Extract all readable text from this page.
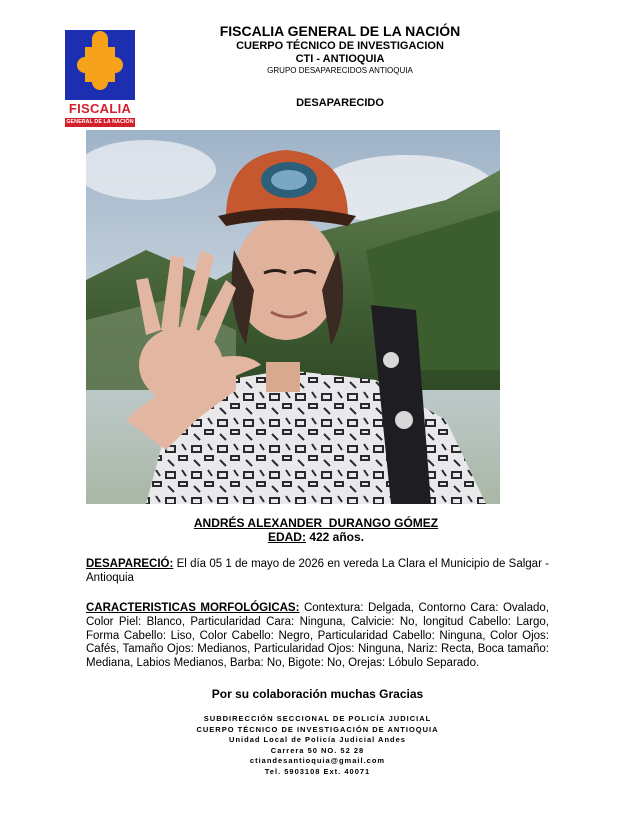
FISCALIA
GENERAL DE LA NACIÓN
FISCALIA GENERAL DE LA NACIÓN
CUERPO TÉCNICO DE INVESTIGACION
CTI - ANTIOQUIA
GRUPO DESAPARECIDOS ANTIOQUIA
DESAPARECIDO
ANDRÉS ALEXANDER  DURANGO GÓMEZ
EDAD: 422 años.
DESAPARECIÓ: El día 05 1 de mayo de 2026 en vereda La Clara el Municipio de Salgar - Antioquia
CARACTERISTICAS MORFOLÓGICAS: Contextura: Delgada, Contorno Cara: Ovalado, Color Piel: Blanco, Particularidad Cara: Ninguna, Calvicie: No, longitud Cabello: Largo, Forma Cabello: Liso, Color Cabello: Negro, Particularidad Cabello: Ninguna, Color Ojos: Cafés, Tamaño Ojos: Medianos, Particularidad Ojos: Ninguna, Nariz: Recta, Boca tamaño: Mediana, Labios Medianos, Barba: No, Bigote: No, Orejas: Lóbulo Separado.
Por su colaboración muchas Gracias
SUBDIRECCIÓN SECCIONAL DE POLICÍA JUDICIAL
CUERPO TÉCNICO DE INVESTIGACIÓN DE ANTIOQUIA
Unidad Local de Policía Judicial Andes
Carrera 50 NO. 52 28
ctiandesantioquia@gmail.com
Tel. 5903108 Ext. 40071
